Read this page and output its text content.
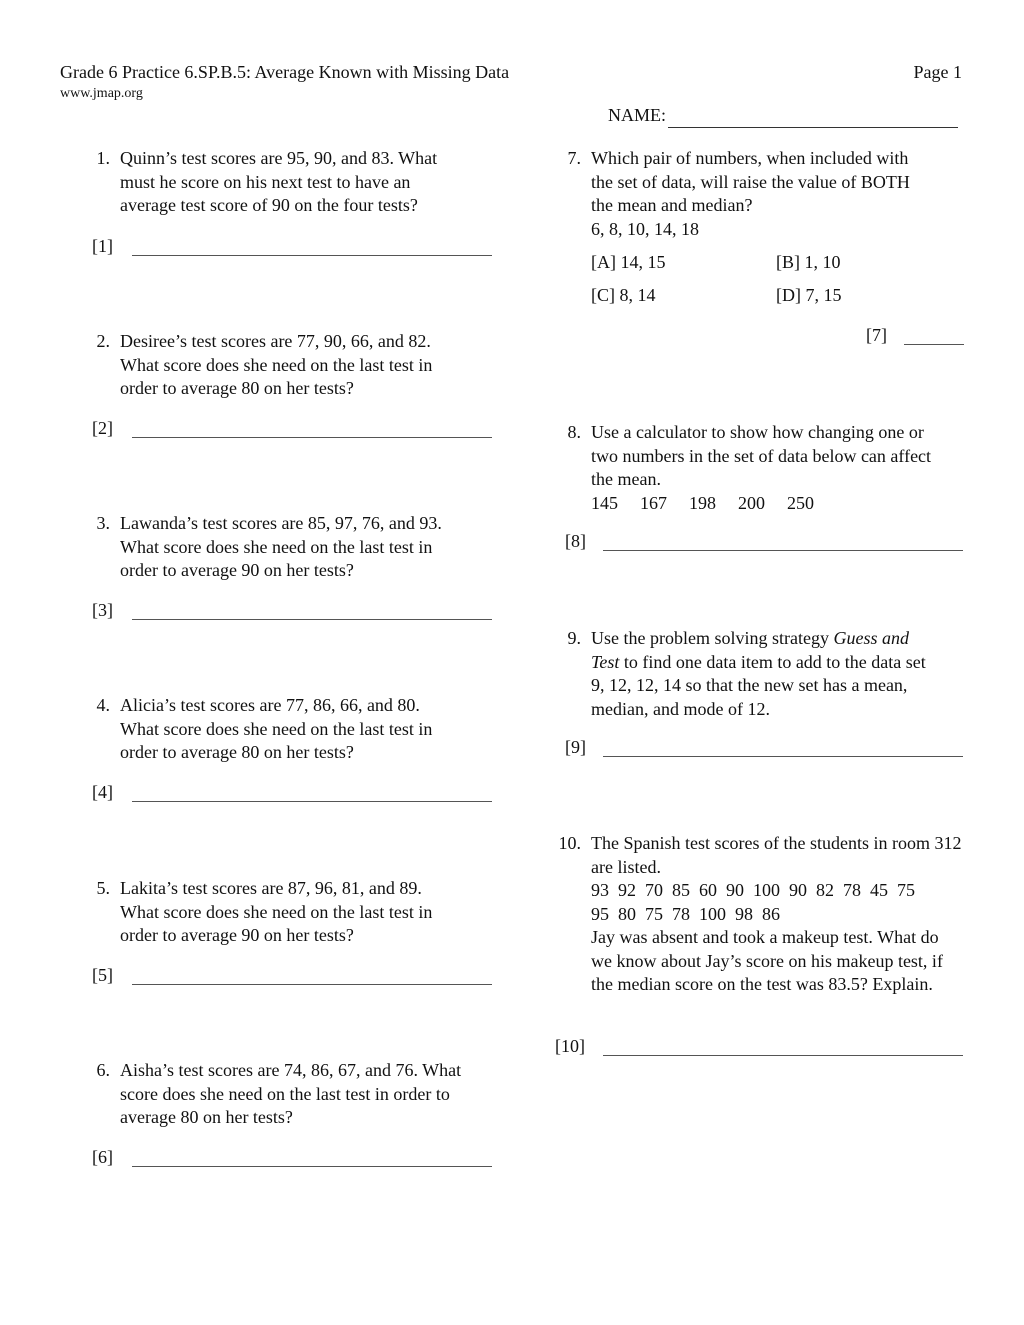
Grade 6 Practice 6.SP.B.5: Average Known with Missing Data	Page 1
www.jmap.org
NAME:
1. Quinn’s test scores are 95, 90, and 83. What must he score on his next test to have an average test score of 90 on the four tests?
[1]
2. Desiree’s test scores are 77, 90, 66, and 82. What score does she need on the last test in order to average 80 on her tests?
[2]
3. Lawanda’s test scores are 85, 97, 76, and 93. What score does she need on the last test in order to average 90 on her tests?
[3]
4. Alicia’s test scores are 77, 86, 66, and 80. What score does she need on the last test in order to average 80 on her tests?
[4]
5. Lakita’s test scores are 87, 96, 81, and 89. What score does she need on the last test in order to average 90 on her tests?
[5]
6. Aisha’s test scores are 74, 86, 67, and 76. What score does she need on the last test in order to average 80 on her tests?
[6]
7. Which pair of numbers, when included with the set of data, will raise the value of BOTH the mean and median?
6, 8, 10, 14, 18
[A] 14, 15	[B] 1, 10
[C] 8, 14	[D] 7, 15
[7]
8. Use a calculator to show how changing one or two numbers in the set of data below can affect the mean.
145 167 198 200 250
[8]
9. Use the problem solving strategy Guess and Test to find one data item to add to the data set 9, 12, 12, 14 so that the new set has a mean, median, and mode of 12.
[9]
10. The Spanish test scores of the students in room 312 are listed.
93  92  70  85  60  90  100  90  82  78  45  75
95  80  75  78  100  98  86
Jay was absent and took a makeup test. What do we know about Jay’s score on his makeup test, if the median score on the test was 83.5? Explain.
[10]
